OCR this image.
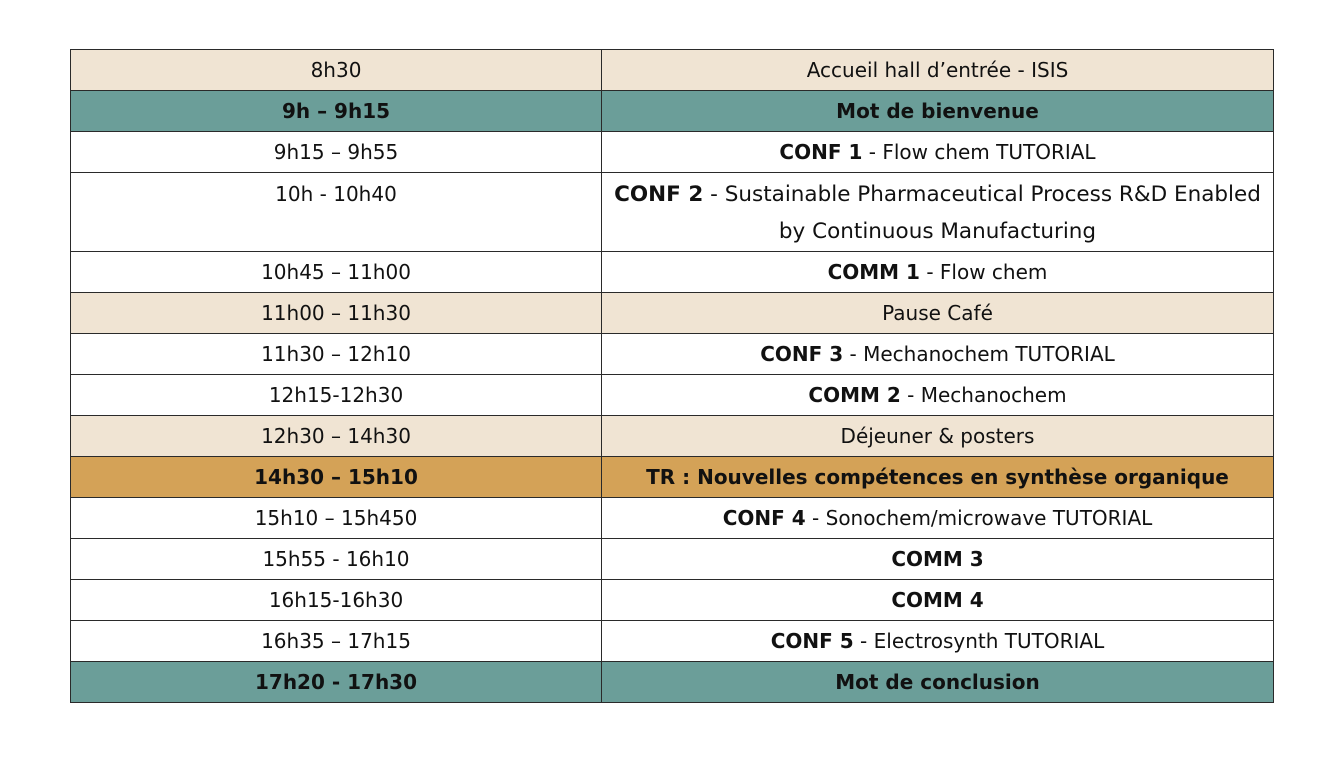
8h30	Accueil hall d’entrée - ISIS
9h – 9h15	Mot de bienvenue
9h15 – 9h55	CONF 1 - Flow chem TUTORIAL
10h - 10h40	CONF 2 - Sustainable Pharmaceutical Process R&D Enabled by Continuous Manufacturing
10h45 – 11h00	COMM 1 - Flow chem
11h00 – 11h30	Pause Café
11h30 – 12h10	CONF 3 - Mechanochem TUTORIAL
12h15-12h30	COMM 2 - Mechanochem
12h30 – 14h30	Déjeuner & posters
14h30 – 15h10	TR : Nouvelles compétences en synthèse organique
15h10 – 15h450	CONF 4 - Sonochem/microwave TUTORIAL
15h55 - 16h10	COMM 3
16h15-16h30	COMM 4
16h35 – 17h15	CONF 5 - Electrosynth TUTORIAL
17h20 - 17h30	Mot de conclusion
